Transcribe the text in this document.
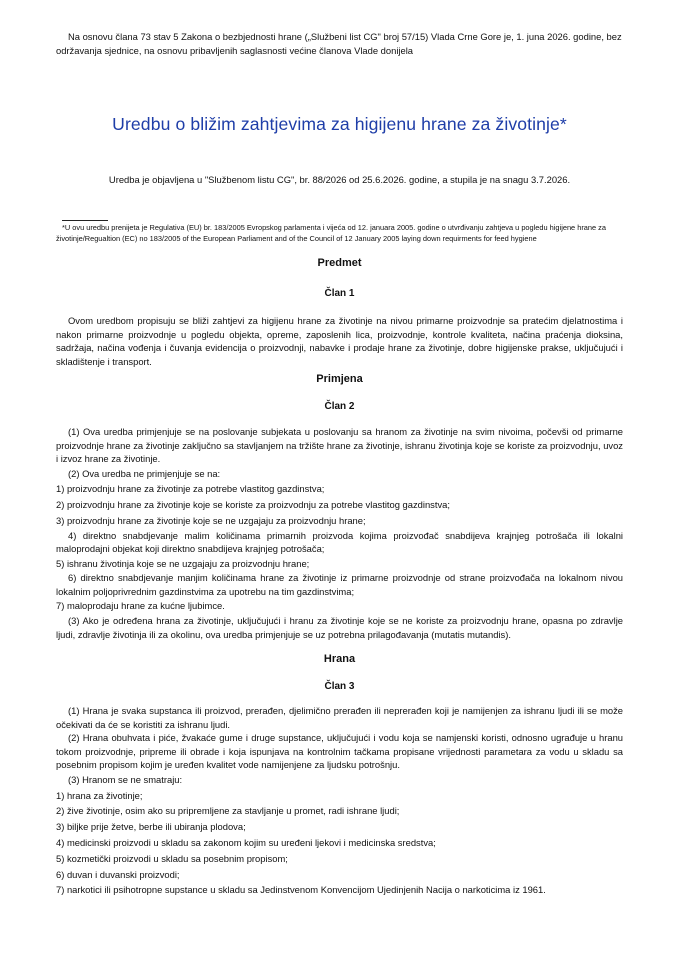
Na osnovu člana 73 stav 5 Zakona o bezbjednosti hrane („Službeni list CG" broj 57/15) Vlada Crne Gore je, 1. juna 2026. godine, bez održavanja sjednice, na osnovu pribavljenih saglasnosti većine članova Vlade donijela

Uredbu o bližim zahtjevima za higijenu hrane za životinje*

Uredba je objavljena u "Službenom listu CG", br. 88/2026 od 25.6.2026. godine, a stupila je na snagu 3.7.2026.

*U ovu uredbu prenijeta je Regulativa (EU) br. 183/2005 Evropskog parlamenta i vijeća od 12. januara 2005. godine o utvrđivanju zahtjeva u pogledu higijene hrane za životinje/Regualtion (EC) no 183/2005 of the European Parliament and of the Council of 12 January 2005 laying down requirments for feed hygiene

Predmet

Član 1

Ovom uredbom propisuju se bliži zahtjevi za higijenu hrane za životinje na nivou primarne proizvodnje sa pratećim djelatnostima i nakon primarne proizvodnje u pogledu objekta, opreme, zaposlenih lica, proizvodnje, kontrole kvaliteta, načina praćenja dioksina, sadržaja, načina vođenja i čuvanja evidencija o proizvodnji, nabavke i prodaje hrane za životinje, dobre higijenske prakse, uključujući i skladištenje i transport.

Primjena

Član 2

(1) Ova uredba primjenjuje se na poslovanje subjekata u poslovanju sa hranom za životinje na svim nivoima, počevši od primarne proizvodnje hrane za životinje zaključno sa stavljanjem na tržište hrane za životinje, ishranu životinja koje se koriste za proizvodnju, uvoz i izvoz hrane za životinje.

(2) Ova uredba ne primjenjuje se na:

1) proizvodnju hrane za životinje za potrebe vlastitog gazdinstva;

2) proizvodnju hrane za životinje koje se koriste za proizvodnju za potrebe vlastitog gazdinstva;

3) proizvodnju hrane za životinje koje se ne uzgajaju za proizvodnju hrane;

4) direktno snabdjevanje malim količinama primarnih proizvoda kojima proizvođač snabdijeva krajnjeg potrošača ili lokalni maloprodajni objekat koji direktno snabdijeva krajnjeg potrošača;

5) ishranu životinja koje se ne uzgajaju za proizvodnju hrane;

6) direktno snabdjevanje manjim količinama hrane za životinje iz primarne proizvodnje od strane proizvođača na lokalnom nivou lokalnim poljoprivrednim gazdinstvima za upotrebu na tim gazdinstvima;

7) maloprodaju hrane za kućne ljubimce.

(3) Ako je određena hrana za životinje, uključujući i hranu za životinje koje se ne koriste za proizvodnju hrane, opasna po zdravlje ljudi, zdravlje životinja ili za okolinu, ova uredba primjenjuje se uz potrebna prilagođavanja (mutatis mutandis).

Hrana

Član 3

(1) Hrana je svaka supstanca ili proizvod, prerađen, djelimično prerađen ili neprerađen koji je namijenjen za ishranu ljudi ili se može očekivati da će se koristiti za ishranu ljudi.

(2) Hrana obuhvata i piće, žvakaće gume i druge supstance, uključujući i vodu koja se namjenski koristi, odnosno ugrađuje u hranu tokom proizvodnje, pripreme ili obrade i koja ispunjava na kontrolnim tačkama propisane vrijednosti parametara za vodu u skladu sa posebnim propisom kojim je uređen kvalitet vode namijenjene za ljudsku potrošnju.

(3) Hranom se ne smatraju:

1) hrana za životinje;

2) žive životinje, osim ako su pripremljene za stavljanje u promet, radi ishrane ljudi;

3) biljke prije žetve, berbe ili ubiranja plodova;

4) medicinski proizvodi u skladu sa zakonom kojim su uređeni ljekovi i medicinska sredstva;

5) kozmetički proizvodi u skladu sa posebnim propisom;

6) duvan i duvanski proizvodi;

7) narkotici ili psihotropne supstance u skladu sa Jedinstvenom Konvencijom Ujedinjenih Nacija o narkoticima iz 1961.
